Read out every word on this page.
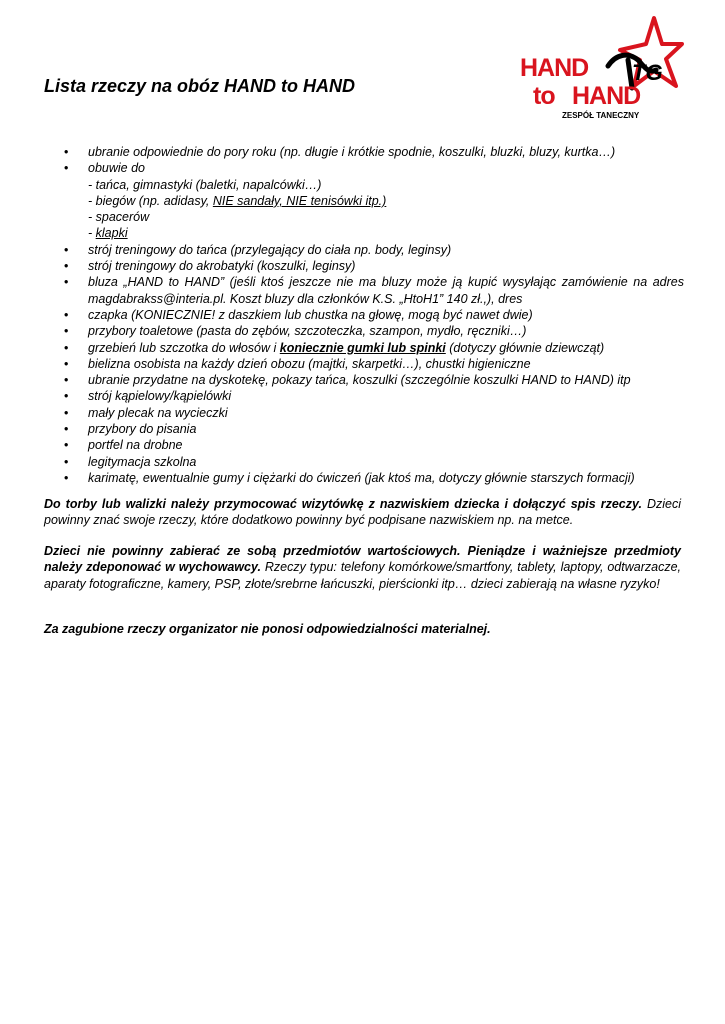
Lista rzeczy na obóz HAND to HAND
TG
HAND
to HAND
ZESPÓŁ TANECZNY
• ubranie odpowiednie do pory roku (np. długie i krótkie spodnie, koszulki, bluzki, bluzy, kurtka…)
• obuwie do
- tańca, gimnastyki (baletki, napalcówki…)
- biegów (np. adidasy, NIE sandały, NIE tenisówki itp.)
- spacerów
- klapki
• strój treningowy do tańca (przylegający do ciała np. body, leginsy)
• strój treningowy do akrobatyki (koszulki, leginsy)
• bluza „HAND to HAND” (jeśli ktoś jeszcze nie ma bluzy może ją kupić wysyłając zamówienie na adres magdabrakss@interia.pl. Koszt bluzy dla członków K.S. „HtoH1” 140 zł.,), dres
• czapka (KONIECZNIE! z daszkiem lub chustka na głowę, mogą być nawet dwie)
• przybory toaletowe (pasta do zębów, szczoteczka, szampon, mydło, ręczniki…)
• grzebień lub szczotka do włosów i koniecznie gumki lub spinki (dotyczy głównie dziewcząt)
• bielizna osobista na każdy dzień obozu (majtki, skarpetki…), chustki higieniczne
• ubranie przydatne na dyskotekę, pokazy tańca, koszulki (szczególnie koszulki HAND to HAND) itp
• strój kąpielowy/kąpielówki
• mały plecak na wycieczki
• przybory do pisania
• portfel na drobne
• legitymacja szkolna
• karimatę, ewentualnie gumy i ciężarki do ćwiczeń (jak ktoś ma, dotyczy głównie starszych formacji)

Do torby lub walizki należy przymocować wizytówkę z nazwiskiem dziecka i dołączyć spis rzeczy. Dzieci powinny znać swoje rzeczy, które dodatkowo powinny być podpisane nazwiskiem np. na metce.

Dzieci nie powinny zabierać ze sobą przedmiotów wartościowych. Pieniądze i ważniejsze przedmioty należy zdeponować w wychowawcy. Rzeczy typu: telefony komórkowe/smartfony, tablety, laptopy, odtwarzacze, aparaty fotograficzne, kamery, PSP, złote/srebrne łańcuszki, pierścionki itp… dzieci zabierają na własne ryzyko!

Za zagubione rzeczy organizator nie ponosi odpowiedzialności materialnej.
